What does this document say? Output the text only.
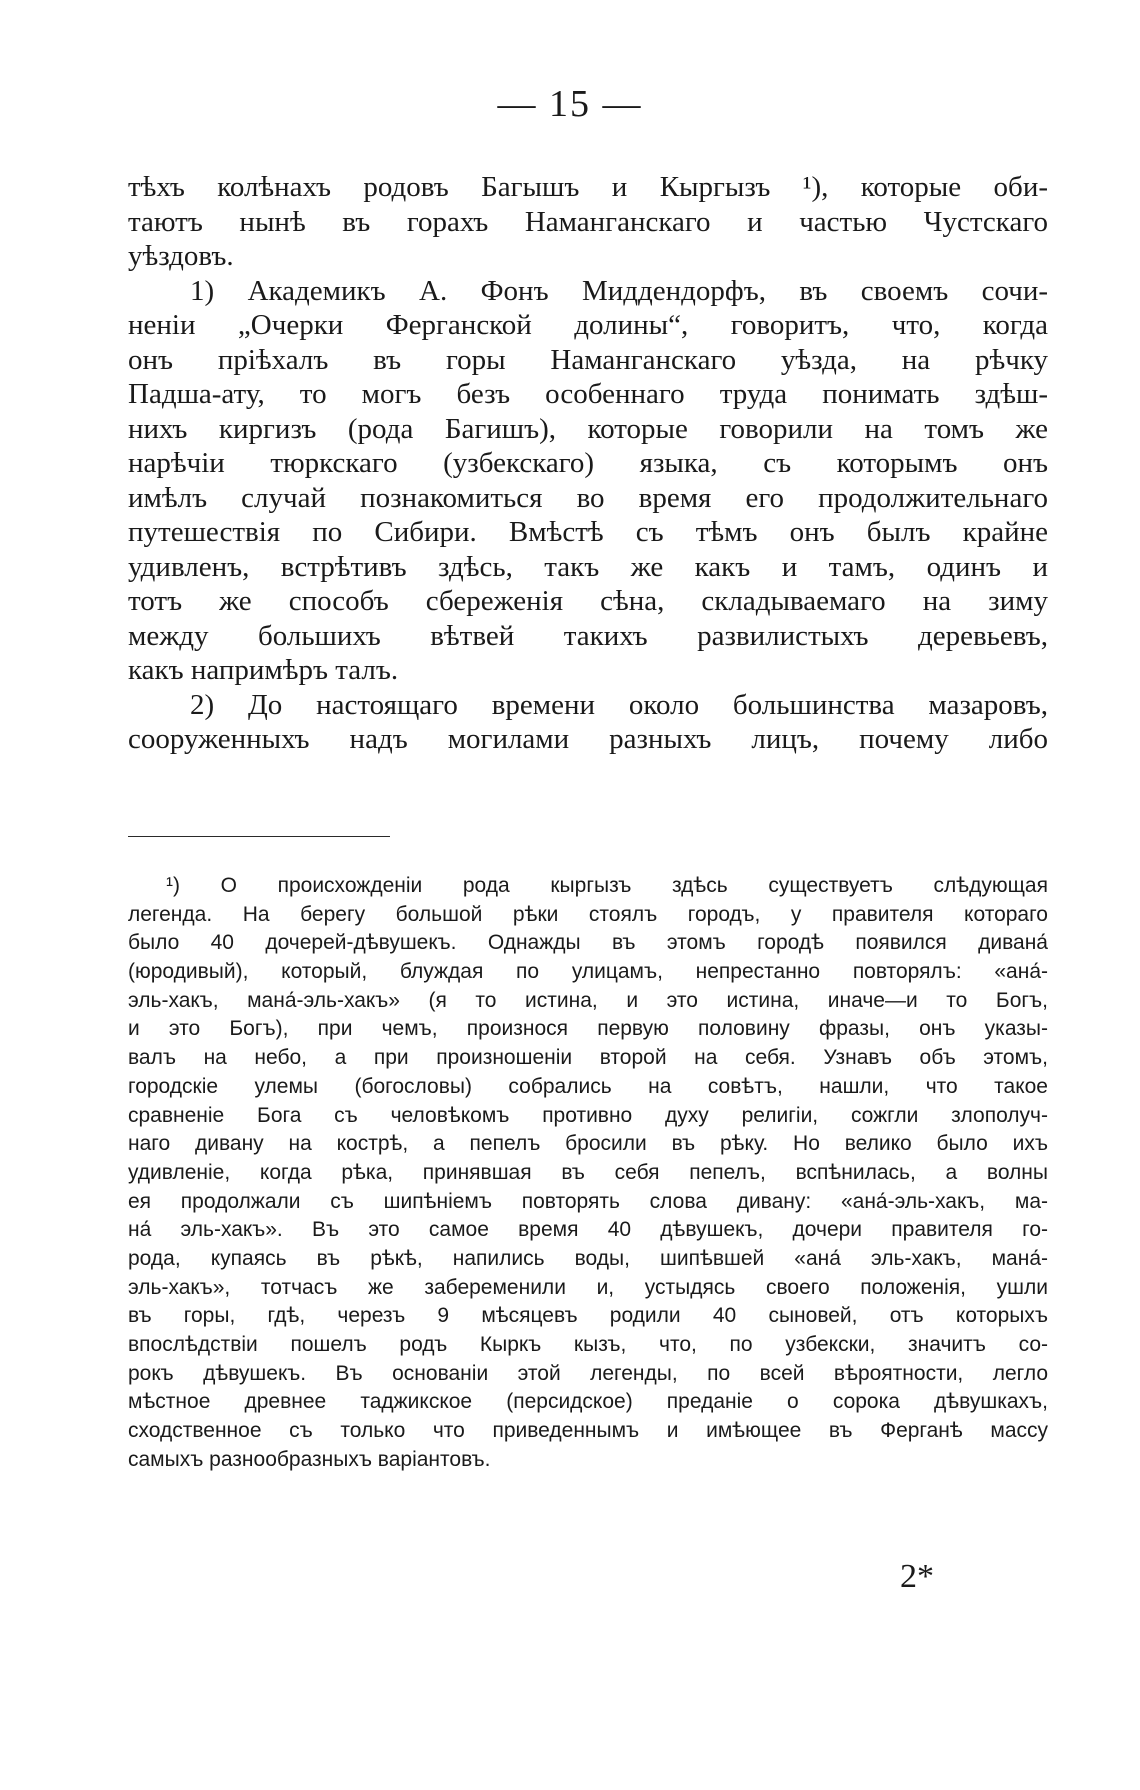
— 15 —
тѣхъ колѣнахъ родовъ Багышъ и Кыргызъ ¹), которые оби-
таютъ нынѣ въ горахъ Наманганскаго и частью Чустскаго
уѣздовъ.
1) Академикъ А. Фонъ Миддендорфъ, въ своемъ сочи-
неніи „Очерки Ферганской долины“, говоритъ, что, когда
онъ пріѣхалъ въ горы Наманганскаго уѣзда, на рѣчку
Падша-ату, то могъ безъ особеннаго труда понимать здѣш-
нихъ киргизъ (рода Багишъ), которые говорили на томъ же
нарѣчіи тюркскаго (узбекскаго) языка, съ которымъ онъ
имѣлъ случай познакомиться во время его продолжительнаго
путешествія по Сибири. Вмѣстѣ съ тѣмъ онъ былъ крайне
удивленъ, встрѣтивъ здѣсь, такъ же какъ и тамъ, одинъ и
тотъ же способъ сбереженія сѣна, складываемаго на зиму
между большихъ вѣтвей такихъ развилистыхъ деревьевъ,
какъ напримѣръ талъ.
2) До настоящаго времени около большинства мазаровъ,
сооруженныхъ надъ могилами разныхъ лицъ, почему либо
¹) О происхожденіи рода кыргызъ здѣсь существуетъ слѣдующая
легенда. На берегу большой рѣки стоялъ городъ, у правителя котораго
было 40 дочерей-дѣвушекъ. Однажды въ этомъ городѣ появился дивана́
(юродивый), который, блуждая по улицамъ, непрестанно повторялъ: «ана́-
эль-хакъ, мана́-эль-хакъ» (я то истина, и это истина, иначе—и то Богъ,
и это Богъ), при чемъ, произнося первую половину фразы, онъ указы-
валъ на небо, а при произношеніи второй на себя. Узнавъ объ этомъ,
городскіе улемы (богословы) собрались на совѣтъ, нашли, что такое
сравненіе Бога съ человѣкомъ противно духу религіи, сожгли злополуч-
наго дивану на кострѣ, а пепелъ бросили въ рѣку. Но велико было ихъ
удивленіе, когда рѣка, принявшая въ себя пепелъ, вспѣнилась, а волны
ея продолжали съ шипѣніемъ повторять слова дивану: «ана́-эль-хакъ, ма-
на́ эль-хакъ». Въ это самое время 40 дѣвушекъ, дочери правителя го-
рода, купаясь въ рѣкѣ, напились воды, шипѣвшей «ана́ эль-хакъ, мана́-
эль-хакъ», тотчасъ же забеременили и, устыдясь своего положенія, ушли
въ горы, гдѣ, черезъ 9 мѣсяцевъ родили 40 сыновей, отъ которыхъ
впослѣдствіи пошелъ родъ Кыркъ кызъ, что, по узбекски, значитъ со-
рокъ дѣвушекъ. Въ основаніи этой легенды, по всей вѣроятности, легло
мѣстное древнее таджикское (персидское) преданіе о сорока дѣвушкахъ,
сходственное съ только что приведеннымъ и имѣющее въ Ферганѣ массу
самыхъ разнообразныхъ варіантовъ.
2*
